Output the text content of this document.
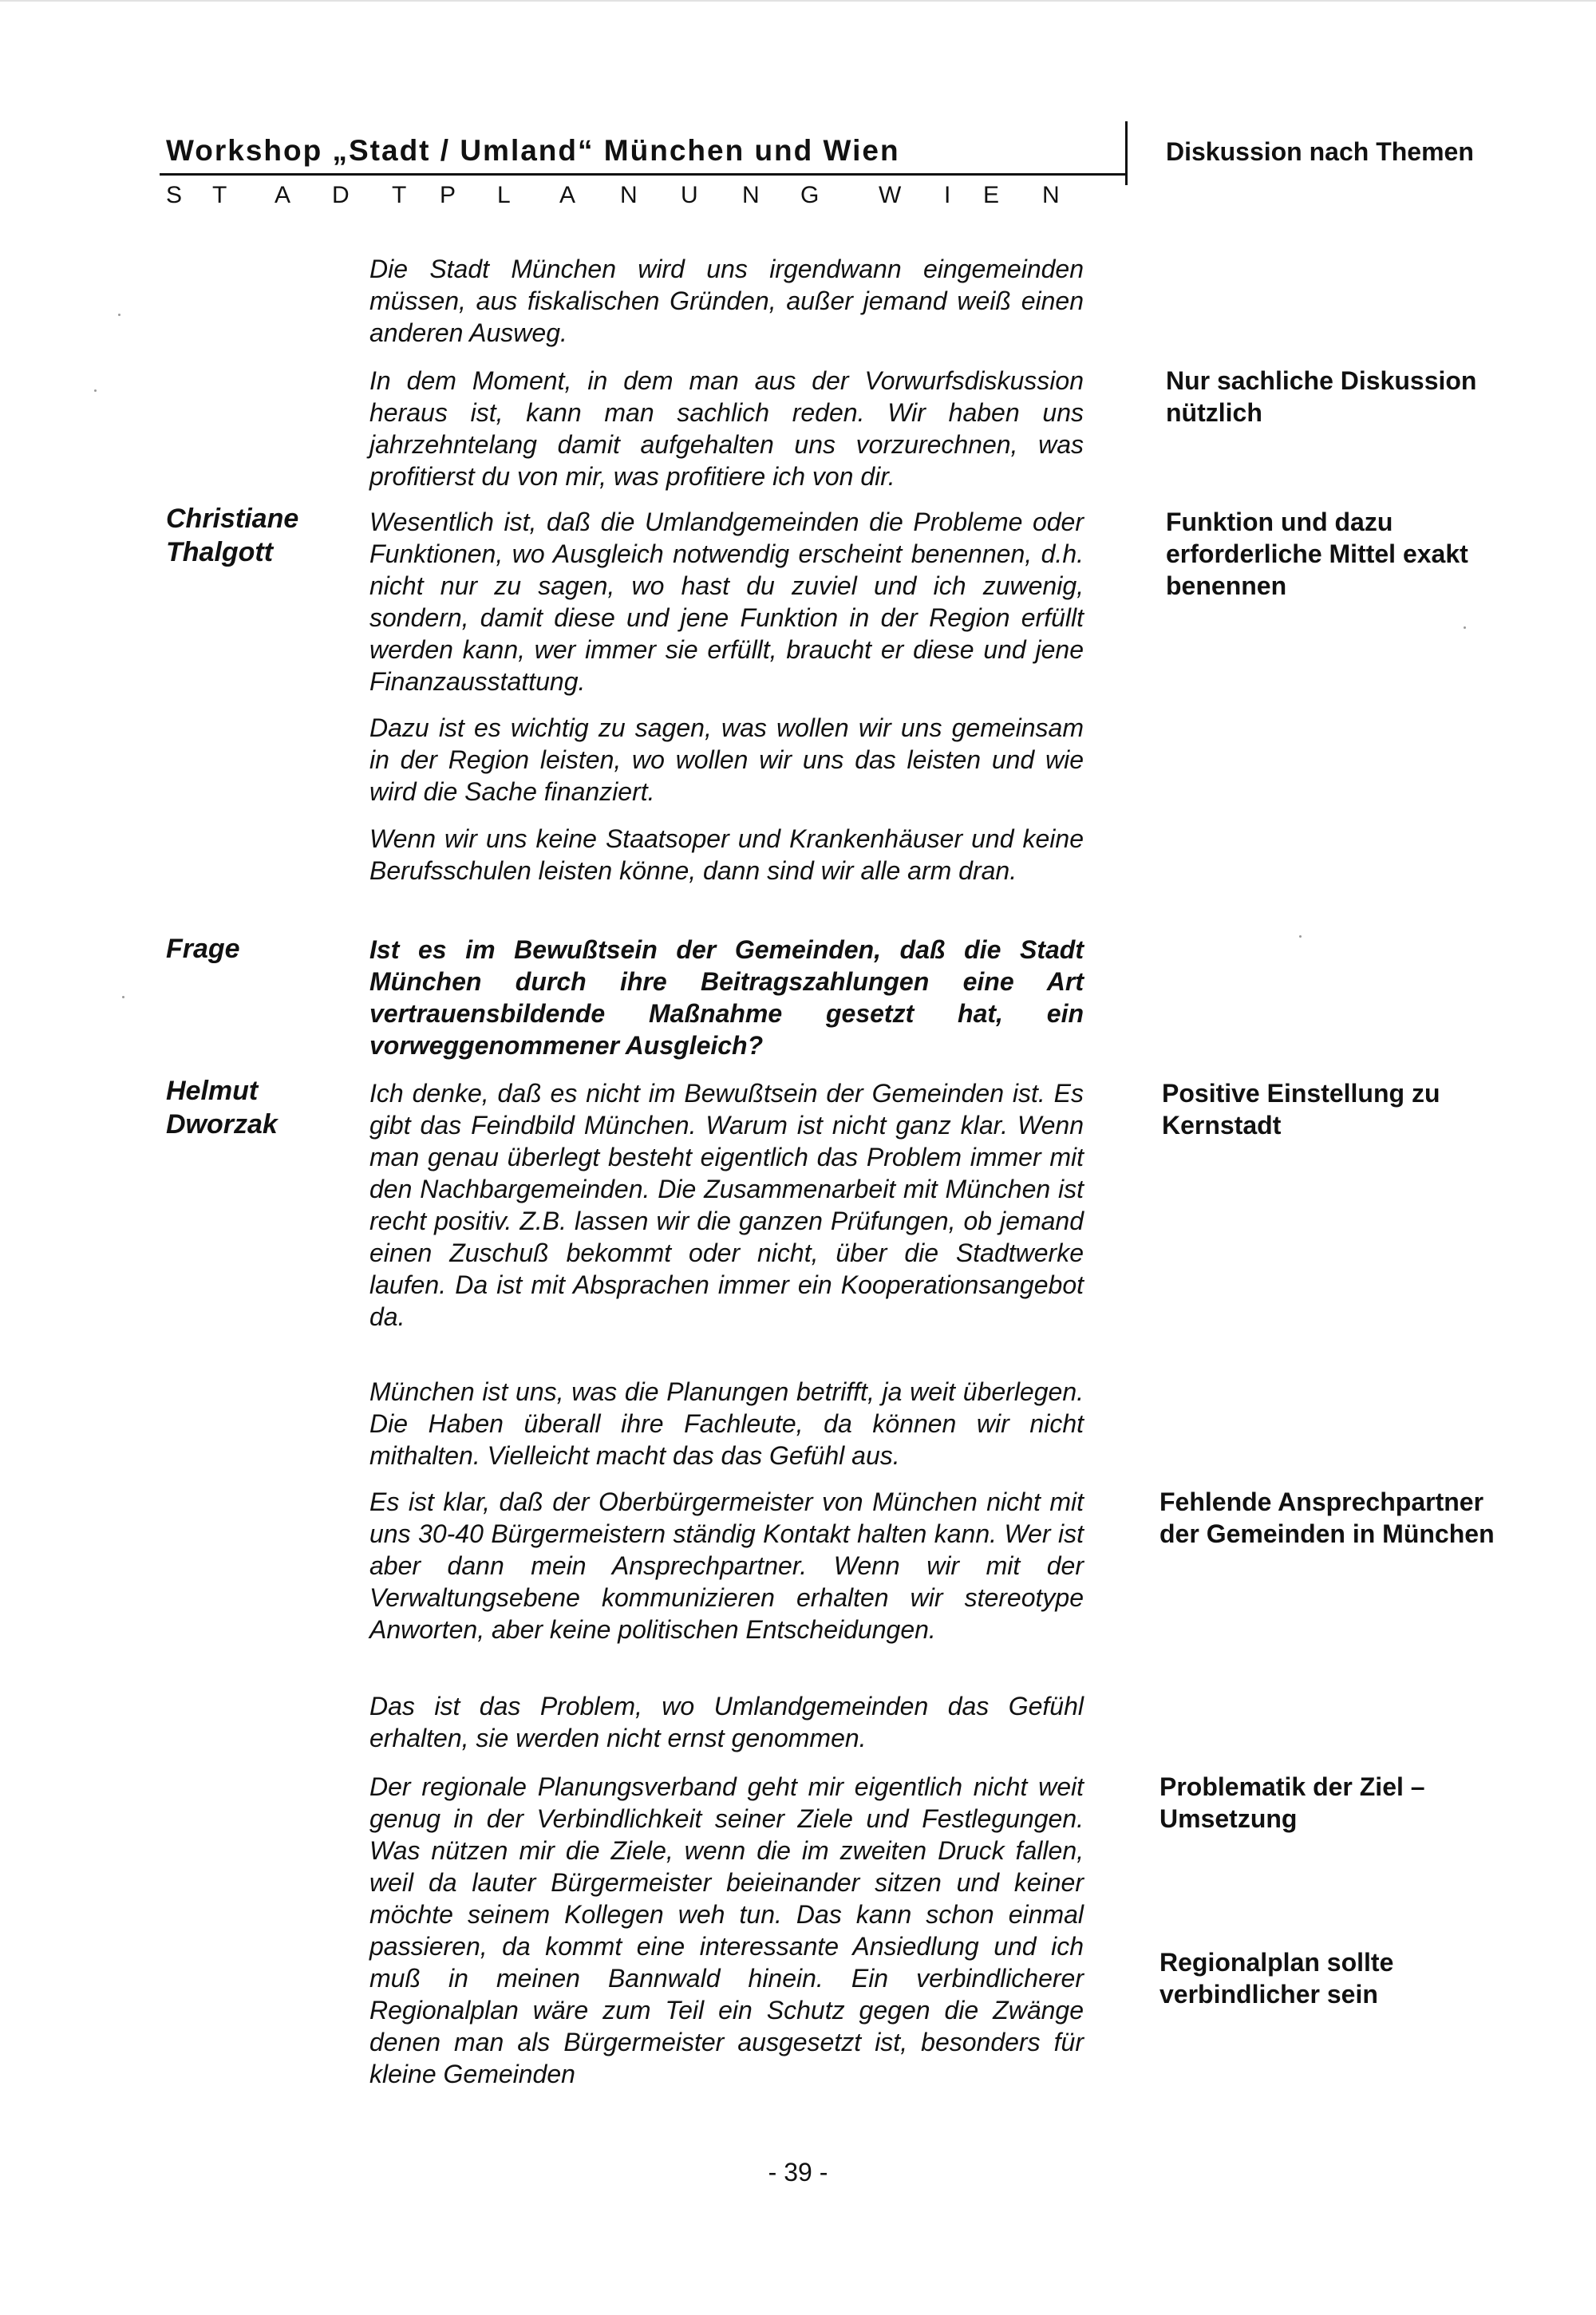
Workshop „Stadt / Umland“ München und Wien	Diskussion nach Themen
S T A D T P L A N U N G W I E N
Christiane Thalgott
Frage
Helmut Dworzak
Die Stadt München wird uns irgendwann eingemeinden müssen, aus fiskalischen Gründen, außer jemand weiß einen anderen Ausweg.
In dem Moment, in dem man aus der Vorwurfsdiskussion heraus ist, kann man sachlich reden. Wir haben uns jahrzehntelang damit aufgehalten uns vorzurechnen, was profitierst du von mir, was profitiere ich von dir.
Wesentlich ist, daß die Umlandgemeinden die Probleme oder Funktionen, wo Ausgleich notwendig erscheint benennen, d.h. nicht nur zu sagen, wo hast du zuviel und ich zuwenig, sondern, damit diese und jene Funktion in der Region erfüllt werden kann, wer immer sie erfüllt, braucht er diese und jene Finanzausstattung.
Dazu ist es wichtig zu sagen, was wollen wir uns gemeinsam in der Region leisten, wo wollen wir uns das leisten und wie wird die Sache finanziert.
Wenn wir uns keine Staatsoper und Krankenhäuser und keine Berufsschulen leisten könne, dann sind wir alle arm dran.
Ist es im Bewußtsein der Gemeinden, daß die Stadt München durch ihre Beitragszahlungen eine Art vertrauensbildende Maßnahme gesetzt hat, ein vorweggenommener Ausgleich?
Ich denke, daß es nicht im Bewußtsein der Gemeinden ist. Es gibt das Feindbild München. Warum ist nicht ganz klar. Wenn man genau überlegt besteht eigentlich das Problem immer mit den Nachbargemeinden. Die Zusammenarbeit mit München ist recht positiv. Z.B. lassen wir die ganzen Prüfungen, ob jemand einen Zuschuß bekommt oder nicht, über die Stadtwerke laufen. Da ist mit Absprachen immer ein Kooperationsangebot da.
München ist uns, was die Planungen betrifft, ja weit überlegen. Die Haben überall ihre Fachleute, da können wir nicht mithalten. Vielleicht macht das das Gefühl aus.
Es ist klar, daß der Oberbürgermeister von München nicht mit uns 30-40 Bürgermeistern ständig Kontakt halten kann. Wer ist aber dann mein Ansprechpartner. Wenn wir mit der Verwaltungsebene kommunizieren erhalten wir stereotype Anworten, aber keine politischen Entscheidungen.
Das ist das Problem, wo Umlandgemeinden das Gefühl erhalten, sie werden nicht ernst genommen.
Der regionale Planungsverband geht mir eigentlich nicht weit genug in der Verbindlichkeit seiner Ziele und Festlegungen. Was nützen mir die Ziele, wenn die im zweiten Druck fallen, weil da lauter Bürgermeister beieinander sitzen und keiner möchte seinem Kollegen weh tun. Das kann schon einmal passieren, da kommt eine interessante Ansiedlung und ich muß in meinen Bannwald hinein. Ein verbindlicherer Regionalplan wäre zum Teil ein Schutz gegen die Zwänge denen man als Bürgermeister ausgesetzt ist, besonders für kleine Gemeinden
Nur sachliche Diskussion nützlich
Funktion und dazu erforderliche Mittel exakt benennen
Positive Einstellung zu Kernstadt
Fehlende Ansprechpartner der Gemeinden in München
Problematik der Ziel – Umsetzung
Regionalplan sollte verbindlicher sein
- 39 -
